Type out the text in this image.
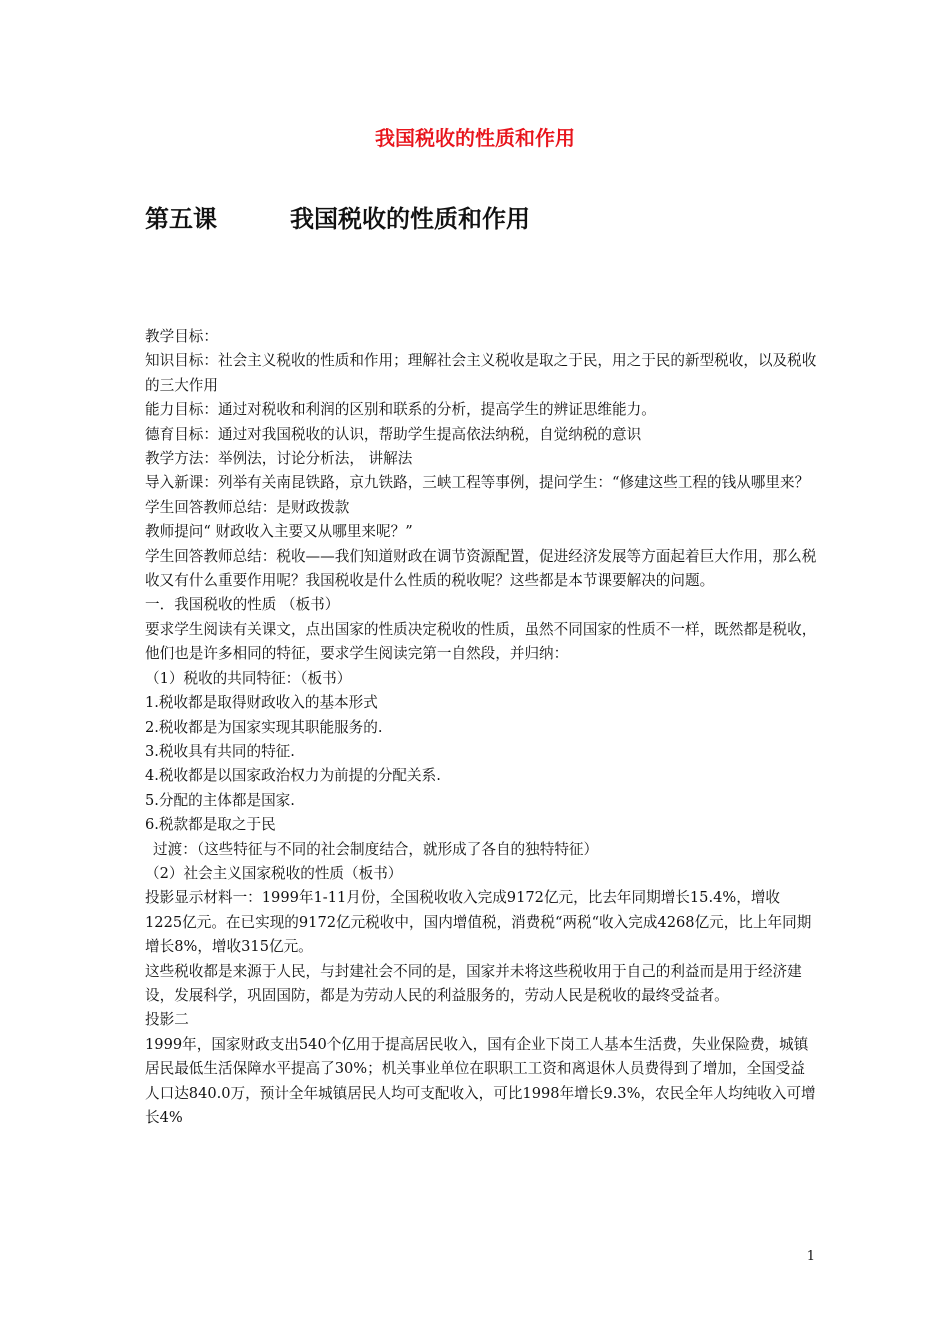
我国税收的性质和作用
第五课	我国税收的性质和作用

教学目标：

知识目标：社会主义税收的性质和作用；理解社会主义税收是取之于民，用之于民的新型税收，以及税收的三大作用

能力目标：通过对税收和利润的区别和联系的分析，提高学生的辨证思维能力。

德育目标：通过对我国税收的认识，帮助学生提高依法纳税，自觉纳税的意识

教学方法：举例法，讨论分析法， 讲解法

导入新课：列举有关南昆铁路，京九铁路，三峡工程等事例，提问学生：“修建这些工程的钱从哪里来？

学生回答教师总结：是财政拨款

教师提问“ 财政收入主要又从哪里来呢？”

学生回答教师总结：税收——我们知道财政在调节资源配置，促进经济发展等方面起着巨大作用，那么税收又有什么重要作用呢？我国税收是什么性质的税收呢？这些都是本节课要解决的问题。

一．我国税收的性质 （板书）

要求学生阅读有关课文，点出国家的性质决定税收的性质，虽然不同国家的性质不一样，既然都是税收，他们也是许多相同的特征，要求学生阅读完第一自然段，并归纳：

（1）税收的共同特征：（板书）

1.税收都是取得财政收入的基本形式

2.税收都是为国家实现其职能服务的.

3.税收具有共同的特征.

4.税收都是以国家政治权力为前提的分配关系.

5.分配的主体都是国家.

6.税款都是取之于民

过渡：（这些特征与不同的社会制度结合，就形成了各自的独特特征）

（2）社会主义国家税收的性质（板书）

投影显示材料一：1999年1-11月份，全国税收收入完成9172亿元，比去年同期增长15.4%，增收1225亿元。在已实现的9172亿元税收中，国内增值税，消费税“两税“收入完成4268亿元，比上年同期增长8%，增收315亿元。

这些税收都是来源于人民，与封建社会不同的是，国家并未将这些税收用于自己的利益而是用于经济建设，发展科学，巩固国防，都是为劳动人民的利益服务的，劳动人民是税收的最终受益者。

投影二

1999年，国家财政支出540个亿用于提高居民收入，国有企业下岗工人基本生活费，失业保险费，城镇居民最低生活保障水平提高了30%；机关事业单位在职职工工资和离退休人员费得到了增加，全国受益人口达840.0万，预计全年城镇居民人均可支配收入，可比1998年增长9.3%，农民全年人均纯收入可增长4%

1
